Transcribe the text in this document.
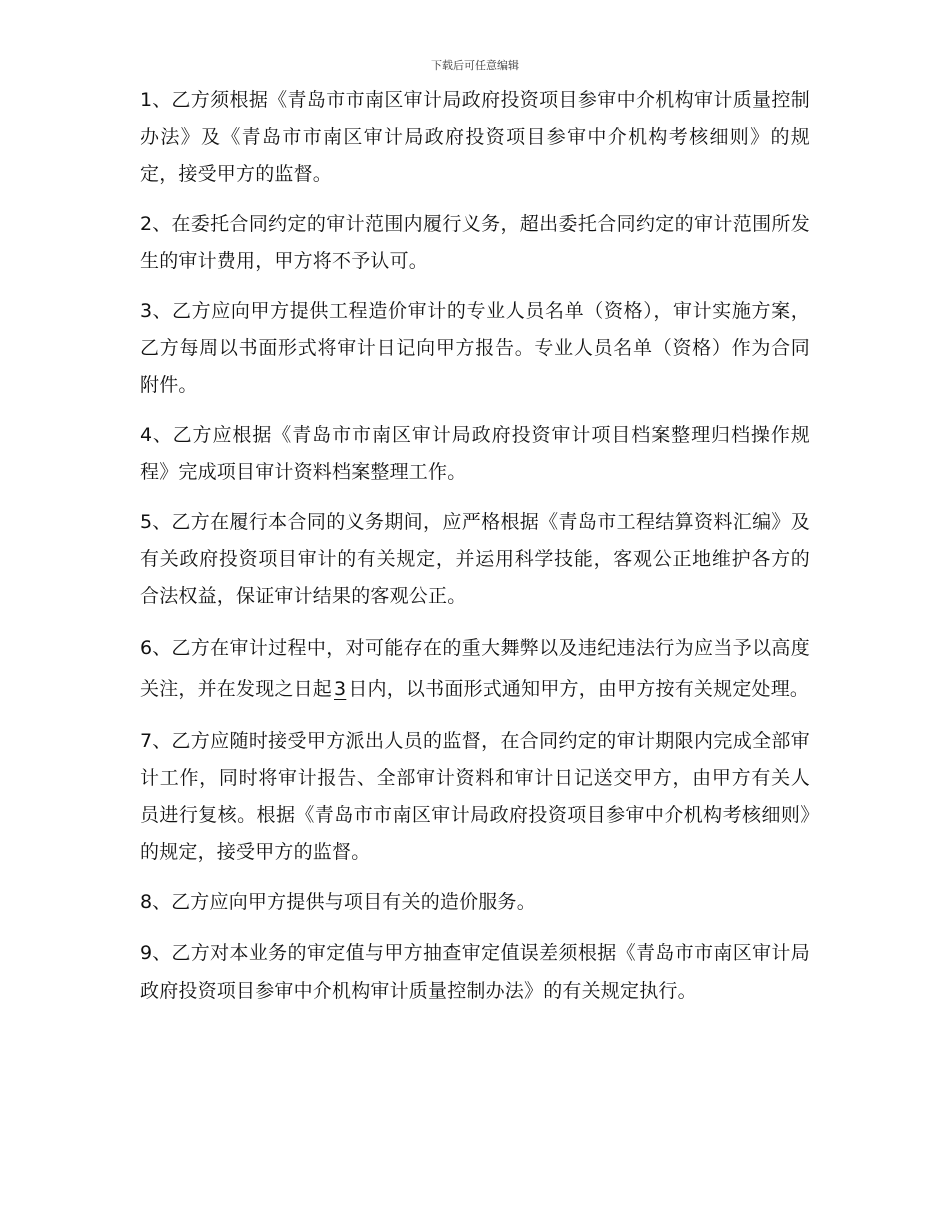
下载后可任意编辑

1、乙方须根据《青岛市市南区审计局政府投资项目参审中介机构审计质量控制办法》及《青岛市市南区审计局政府投资项目参审中介机构考核细则》的规定，接受甲方的监督。

2、在委托合同约定的审计范围内履行义务，超出委托合同约定的审计范围所发生的审计费用，甲方将不予认可。

3、乙方应向甲方提供工程造价审计的专业人员名单（资格），审计实施方案，乙方每周以书面形式将审计日记向甲方报告。专业人员名单（资格）作为合同附件。

4、乙方应根据《青岛市市南区审计局政府投资审计项目档案整理归档操作规程》完成项目审计资料档案整理工作。

5、乙方在履行本合同的义务期间，应严格根据《青岛市工程结算资料汇编》及有关政府投资项目审计的有关规定，并运用科学技能，客观公正地维护各方的合法权益，保证审计结果的客观公正。

6、乙方在审计过程中，对可能存在的重大舞弊以及违纪违法行为应当予以高度关注，并在发现之日起 3 日内，以书面形式通知甲方，由甲方按有关规定处理。

7、乙方应随时接受甲方派出人员的监督，在合同约定的审计期限内完成全部审计工作，同时将审计报告、全部审计资料和审计日记送交甲方，由甲方有关人员进行复核。根据《青岛市市南区审计局政府投资项目参审中介机构考核细则》的规定，接受甲方的监督。

8、乙方应向甲方提供与项目有关的造价服务。

9、乙方对本业务的审定值与甲方抽查审定值误差须根据《青岛市市南区审计局政府投资项目参审中介机构审计质量控制办法》的有关规定执行。
